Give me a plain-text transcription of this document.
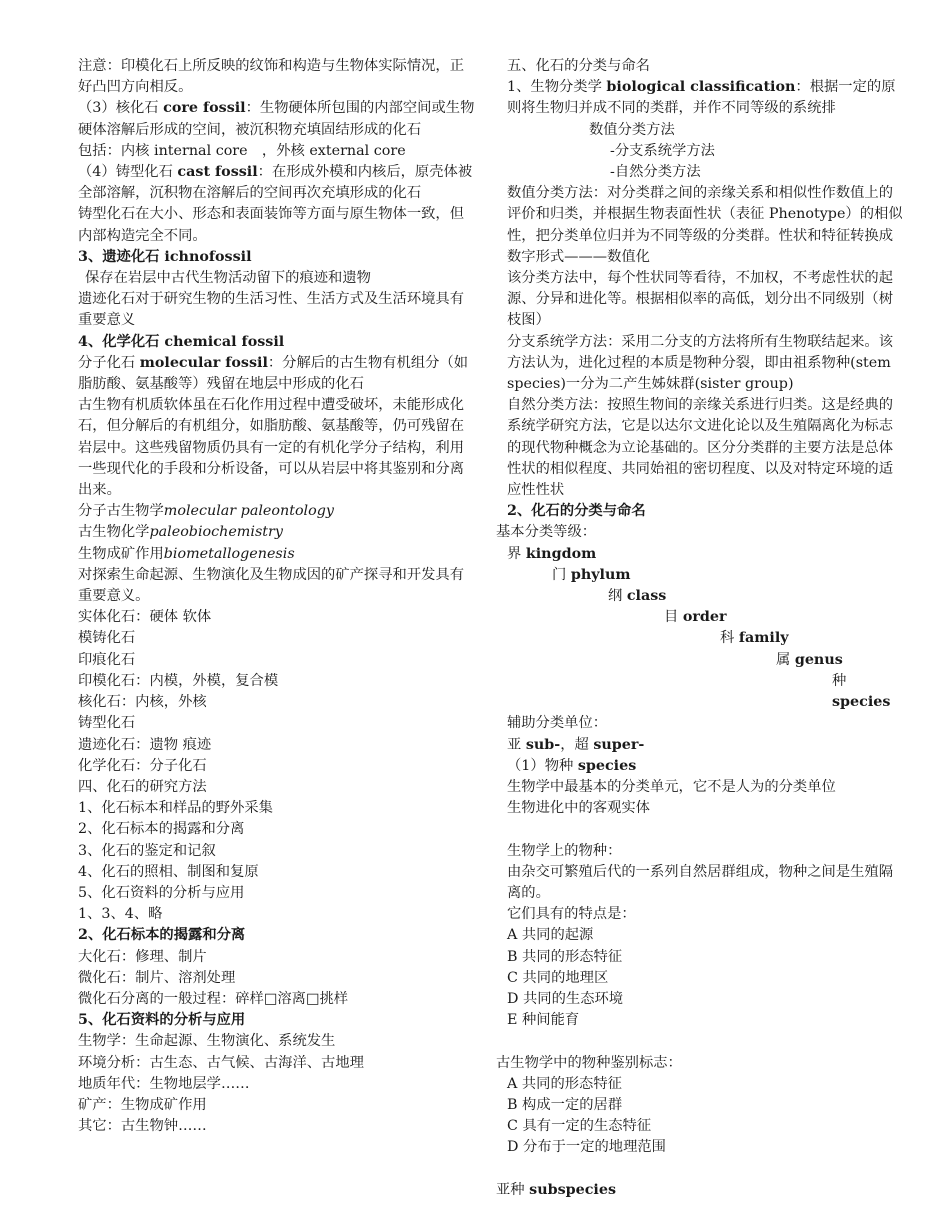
注意：印模化石上所反映的纹饰和构造与生物体实际情况，正好凸凹方向相反。

（3）核化石 core fossil：生物硬体所包围的内部空间或生物硬体溶解后形成的空间，被沉积物充填固结形成的化石

包括：内核 internal core　，外核 external core

（4）铸型化石 cast fossil：在形成外模和内核后，原壳体被全部溶解，沉积物在溶解后的空间再次充填形成的化石

铸型化石在大小、形态和表面装饰等方面与原生物体一致，但内部构造完全不同。

3、遗迹化石 ichnofossil

保存在岩层中古代生物活动留下的痕迹和遗物

遗迹化石对于研究生物的生活习性、生活方式及生活环境具有重要意义

4、化学化石 chemical fossil

分子化石 molecular fossil：分解后的古生物有机组分（如脂肪酸、氨基酸等）残留在地层中形成的化石

古生物有机质软体虽在石化作用过程中遭受破坏，未能形成化石，但分解后的有机组分，如脂肪酸、氨基酸等，仍可残留在岩层中。这些残留物质仍具有一定的有机化学分子结构，利用一些现代化的手段和分析设备，可以从岩层中将其鉴别和分离出来。

分子古生物学molecular paleontology

古生物化学paleobiochemistry

生物成矿作用biometallogenesis

对探索生命起源、生物演化及生物成因的矿产探寻和开发具有重要意义。

实体化石：硬体 软体

模铸化石

印痕化石

印模化石：内模，外模，复合模

核化石：内核，外核

铸型化石

遗迹化石：遗物 痕迹

化学化石：分子化石

四、化石的研究方法

1、化石标本和样品的野外采集

2、化石标本的揭露和分离

3、化石的鉴定和记叙

4、化石的照相、制图和复原

5、化石资料的分析与应用

1、3、4、略

2、化石标本的揭露和分离

大化石：修理、制片

微化石：制片、溶剂处理

微化石分离的一般过程：碎样□溶离□挑样

5、化石资料的分析与应用

生物学：生命起源、生物演化、系统发生

环境分析：古生态、古气候、古海洋、古地理

地质年代：生物地层学……

矿产：生物成矿作用

其它：古生物钟……

五、化石的分类与命名

1、生物分类学 biological classification：根据一定的原则将生物归并成不同的类群，并作不同等级的系统排

数值分类方法

-分支系统学方法

-自然分类方法

数值分类方法：对分类群之间的亲缘关系和相似性作数值上的评价和归类，并根据生物表面性状（表征 Phenotype）的相似性，把分类单位归并为不同等级的分类群。性状和特征转换成数字形式———数值化

该分类方法中，每个性状同等看待，不加权，不考虑性状的起源、分异和进化等。根据相似率的高低，划分出不同级别（树枝图）

分支系统学方法：采用二分支的方法将所有生物联结起来。该方法认为，进化过程的本质是物种分裂，即由祖系物种(stem species)一分为二产生姊妹群(sister group)

自然分类方法：按照生物间的亲缘关系进行归类。这是经典的系统学研究方法，它是以达尔文进化论以及生殖隔离化为标志的现代物种概念为立论基础的。区分分类群的主要方法是总体性状的相似程度、共同始祖的密切程度、以及对特定环境的适应性性状

2、化石的分类与命名

基本分类等级：

界 kingdom
门 phylum
纲 class
目 order
科 family
属 genus
种 species

辅助分类单位：

亚 sub-，超 super-

（1）物种 species

生物学中最基本的分类单元，它不是人为的分类单位

生物进化中的客观实体

生物学上的物种：

由杂交可繁殖后代的一系列自然居群组成，物种之间是生殖隔离的。

它们具有的特点是：

A 共同的起源

B 共同的形态特征

C 共同的地理区

D 共同的生态环境

E 种间能育

古生物学中的物种鉴别标志：

A 共同的形态特征

B 构成一定的居群

C 具有一定的生态特征

D 分布于一定的地理范围

亚种 subspecies
